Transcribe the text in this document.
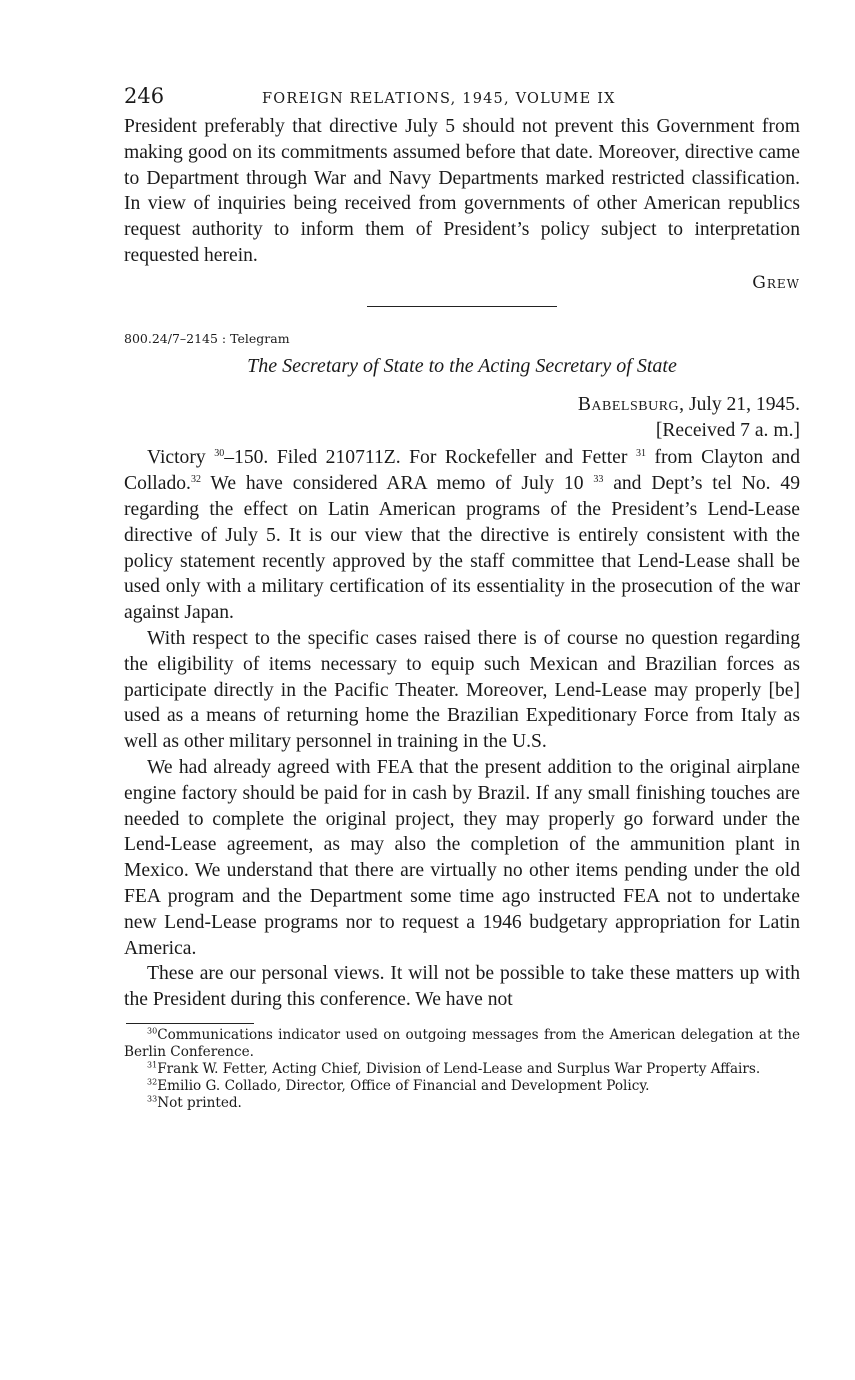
246	FOREIGN RELATIONS, 1945, VOLUME IX

President preferably that directive July 5 should not prevent this Government from making good on its commitments assumed before that date. Moreover, directive came to Department through War and Navy Departments marked restricted classification. In view of inquiries being received from governments of other American republics request authority to inform them of President’s policy subject to interpretation requested herein.

Grew
800.24/7–2145 : Telegram
The Secretary of State to the Acting Secretary of State
Babelsburg, July 21, 1945.
[Received 7 a. m.]

Victory $^{30}$–150. Filed 210711Z. For Rockefeller and Fetter $^{31}$ from Clayton and Collado.$^{32}$ We have considered ARA memo of July 10 $^{33}$ and Dept’s tel No. 49 regarding the effect on Latin American programs of the President’s Lend-Lease directive of July 5. It is our view that the directive is entirely consistent with the policy statement recently approved by the staff committee that Lend-Lease shall be used only with a military certification of its essentiality in the prosecution of the war against Japan.

With respect to the specific cases raised there is of course no question regarding the eligibility of items necessary to equip such Mexican and Brazilian forces as participate directly in the Pacific Theater. Moreover, Lend-Lease may properly [be] used as a means of returning home the Brazilian Expeditionary Force from Italy as well as other military personnel in training in the U.S.

We had already agreed with FEA that the present addition to the original airplane engine factory should be paid for in cash by Brazil. If any small finishing touches are needed to complete the original project, they may properly go forward under the Lend-Lease agreement, as may also the completion of the ammunition plant in Mexico. We understand that there are virtually no other items pending under the old FEA program and the Department some time ago instructed FEA not to undertake new Lend-Lease programs nor to request a 1946 budgetary appropriation for Latin America.

These are our personal views. It will not be possible to take these matters up with the President during this conference. We have not

$^{30}$Communications indicator used on outgoing messages from the American delegation at the Berlin Conference.

$^{31}$Frank W. Fetter, Acting Chief, Division of Lend-Lease and Surplus War Property Affairs.

$^{32}$Emilio G. Collado, Director, Office of Financial and Development Policy.

$^{33}$Not printed.
